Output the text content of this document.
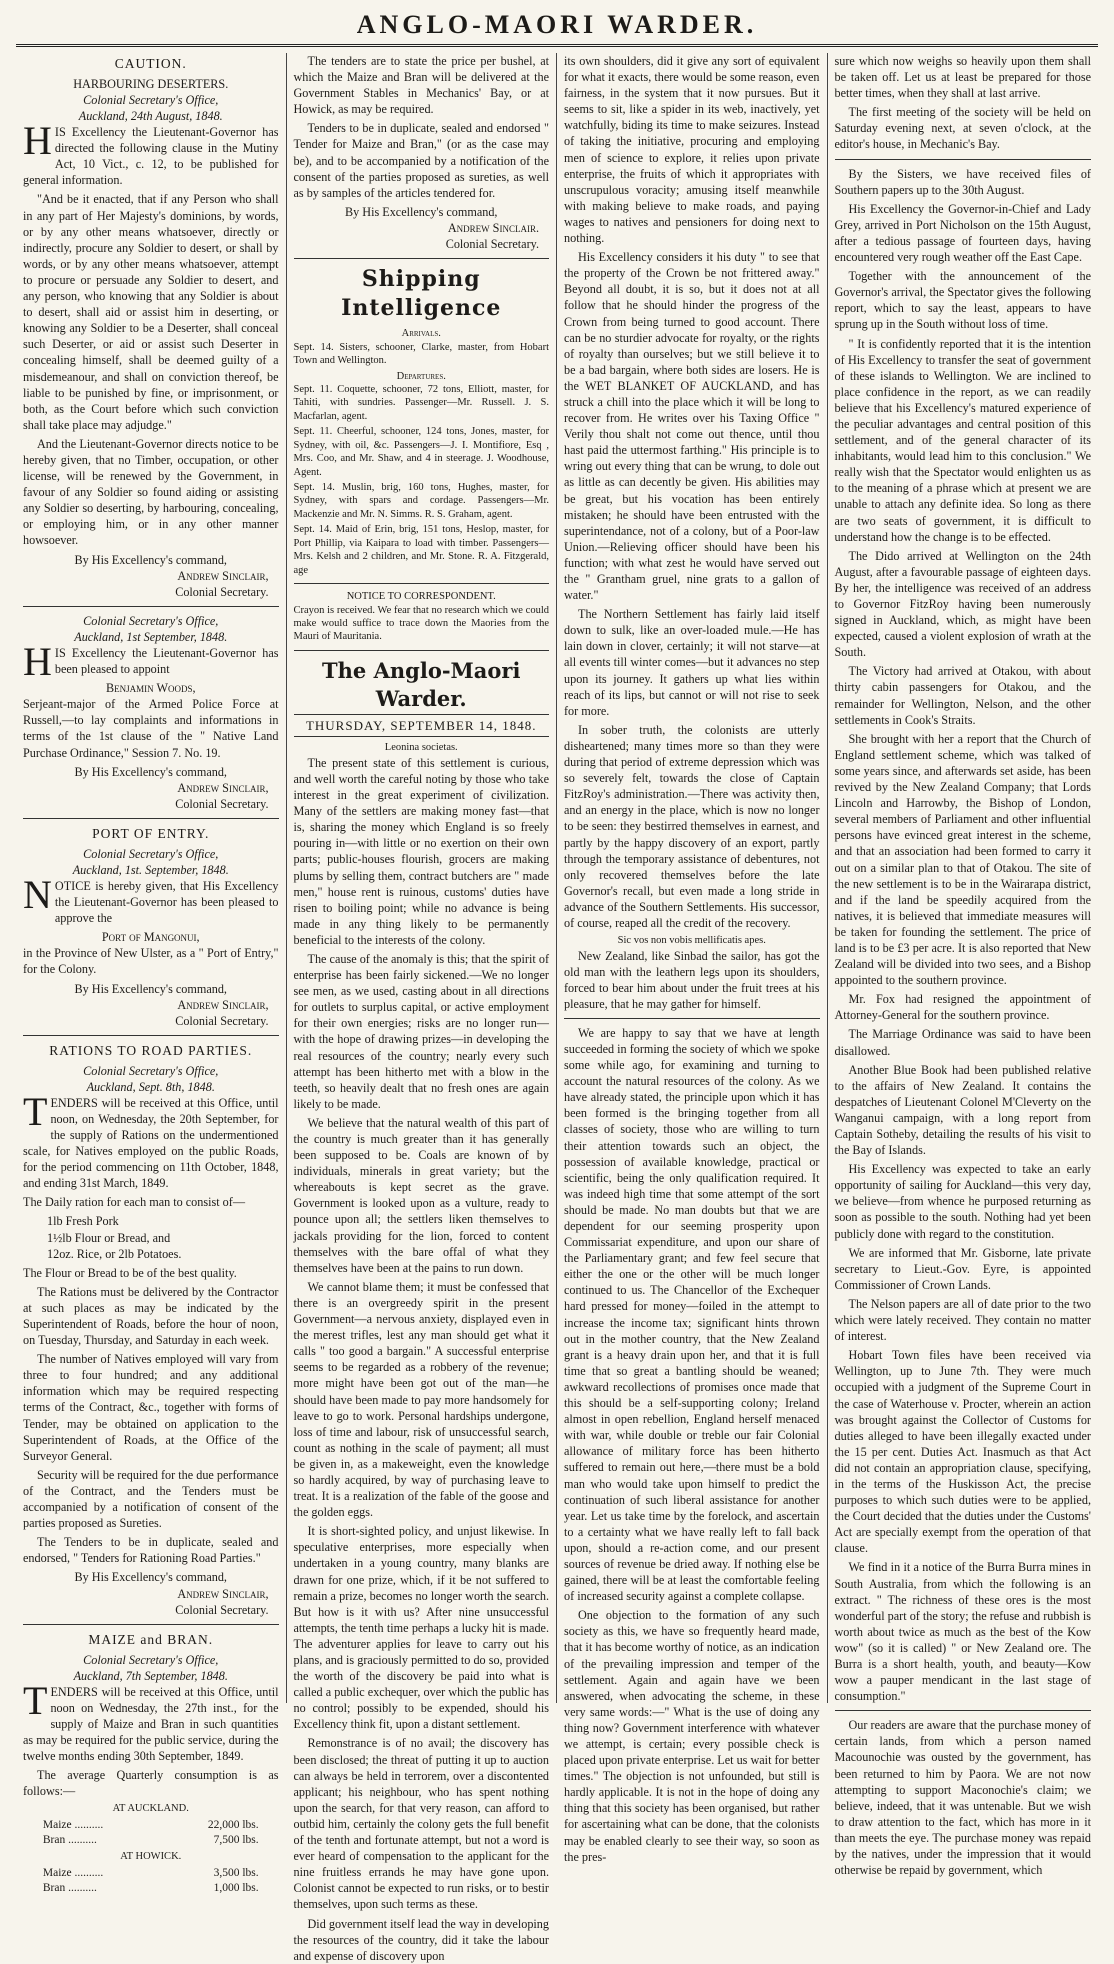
ANGLO-MAORI WARDER.
CAUTION.
HARBOURING DESERTERS.
Colonial Secretary's Office,
Auckland, 24th August, 1848.

HIS Excellency the Lieutenant-Governor has directed the following clause in the Mutiny Act, 10 Vict., c. 12, to be published for general information.

"And be it enacted, that if any Person who shall in any part of Her Majesty's dominions, by words, or by any other means whatsoever, directly or indirectly, procure any Soldier to desert, or shall by words, or by any other means whatsoever, attempt to procure or persuade any Soldier to desert, and any person, who knowing that any Soldier is about to desert, shall aid or assist him in deserting, or knowing any Soldier to be a Deserter, shall conceal such Deserter, or aid or assist such Deserter in concealing himself, shall be deemed guilty of a misdemeanour, and shall on conviction thereof, be liable to be punished by fine, or imprisonment, or both, as the Court before which such conviction shall take place may adjudge."

And the Lieutenant-Governor directs notice to be hereby given, that no Timber, occupation, or other license, will be renewed by the Government, in favour of any Soldier so found aiding or assisting any Soldier so deserting, by harbouring, concealing, or employing him, or in any other manner howsoever.

By His Excellency's command,
Andrew Sinclair,
Colonial Secretary.
Colonial Secretary's Office,
Auckland, 1st September, 1848.

HIS Excellency the Lieutenant-Governor has been pleased to appoint

Benjamin Woods,

Serjeant-major of the Armed Police Force at Russell,—to lay complaints and informations in terms of the 1st clause of the " Native Land Purchase Ordinance," Session 7. No. 19.

By His Excellency's command,
Andrew Sinclair,
Colonial Secretary.
PORT OF ENTRY.
Colonial Secretary's Office,
Auckland, 1st. September, 1848.

NOTICE is hereby given, that His Excellency the Lieutenant-Governor has been pleased to approve the

Port of Mangonui,

in the Province of New Ulster, as a " Port of Entry," for the Colony.

By His Excellency's command,
Andrew Sinclair,
Colonial Secretary.
RATIONS TO ROAD PARTIES.
Colonial Secretary's Office,
Auckland, Sept. 8th, 1848.

TENDERS will be received at this Office, until noon, on Wednesday, the 20th September, for the supply of Rations on the undermentioned scale, for Natives employed on the public Roads, for the period commencing on 11th October, 1848, and ending 31st March, 1849.

The Daily ration for each man to consist of—

1lb Fresh Pork
1½lb Flour or Bread, and
12oz. Rice, or 2lb Potatoes.

The Flour or Bread to be of the best quality.

The Rations must be delivered by the Contractor at such places as may be indicated by the Superintendent of Roads, before the hour of noon, on Tuesday, Thursday, and Saturday in each week.

The number of Natives employed will vary from three to four hundred; and any additional information which may be required respecting terms of the Contract, &c., together with forms of Tender, may be obtained on application to the Superintendent of Roads, at the Office of the Surveyor General.

Security will be required for the due performance of the Contract, and the Tenders must be accompanied by a notification of consent of the parties proposed as Sureties.

The Tenders to be in duplicate, sealed and endorsed, " Tenders for Rationing Road Parties."

By His Excellency's command,
Andrew Sinclair,
Colonial Secretary.
MAIZE and BRAN.
Colonial Secretary's Office,
Auckland, 7th September, 1848.

TENDERS will be received at this Office, until noon on Wednesday, the 27th inst., for the supply of Maize and Bran in such quantities as may be required for the public service, during the twelve months ending 30th September, 1849.

The average Quarterly consumption is as follows:—

AT AUCKLAND.
Maize ..........	22,000 lbs.
Bran ..........	7,500 lbs.
AT HOWICK.
Maize ..........	3,500 lbs.
Bran ..........	1,000 lbs.

The tenders are to state the price per bushel, at which the Maize and Bran will be delivered at the Government Stables in Mechanics' Bay, or at Howick, as may be required.

Tenders to be in duplicate, sealed and endorsed " Tender for Maize and Bran," (or as the case may be), and to be accompanied by a notification of the consent of the parties proposed as sureties, as well as by samples of the articles tendered for.

By His Excellency's command,
Andrew Sinclair.
Colonial Secretary.
Shipping Intelligence
Arrivals.

Sept. 14. Sisters, schooner, Clarke, master, from Hobart Town and Wellington.

Departures.

Sept. 11. Coquette, schooner, 72 tons, Elliott, master, for Tahiti, with sundries. Passenger—Mr. Russell. J. S. Macfarlan, agent.

Sept. 11. Cheerful, schooner, 124 tons, Jones, master, for Sydney, with oil, &c. Passengers—J. I. Montifiore, Esq , Mrs. Coo, and Mr. Shaw, and 4 in steerage. J. Woodhouse, Agent.

Sept. 14. Muslin, brig, 160 tons, Hughes, master, for Sydney, with spars and cordage. Passengers—Mr. Mackenzie and Mr. N. Simms. R. S. Graham, agent.

Sept. 14. Maid of Erin, brig, 151 tons, Heslop, master, for Port Phillip, via Kaipara to load with timber. Passengers—Mrs. Kelsh and 2 children, and Mr. Stone. R. A. Fitzgerald, age

NOTICE TO CORRESPONDENT.

Crayon is received. We fear that no research which we could make would suffice to trace down the Maories from the Mauri of Mauritania.

The Anglo-Maori Warder.
THURSDAY, SEPTEMBER 14, 1848.
Leonina societas.

The present state of this settlement is curious, and well worth the careful noting by those who take interest in the great experiment of civilization. Many of the settlers are making money fast—that is, sharing the money which England is so freely pouring in—with little or no exertion on their own parts; public-houses flourish, grocers are making plums by selling them, contract butchers are " made men," house rent is ruinous, customs' duties have risen to boiling point; while no advance is being made in any thing likely to be permanently beneficial to the interests of the colony.

The cause of the anomaly is this; that the spirit of enterprise has been fairly sickened.—We no longer see men, as we used, casting about in all directions for outlets to surplus capital, or active employment for their own energies; risks are no longer run—with the hope of drawing prizes—in developing the real resources of the country; nearly every such attempt has been hitherto met with a blow in the teeth, so heavily dealt that no fresh ones are again likely to be made.

We believe that the natural wealth of this part of the country is much greater than it has generally been supposed to be. Coals are known of by individuals, minerals in great variety; but the whereabouts is kept secret as the grave. Government is looked upon as a vulture, ready to pounce upon all; the settlers liken themselves to jackals providing for the lion, forced to content themselves with the bare offal of what they themselves have been at the pains to run down.

We cannot blame them; it must be confessed that there is an overgreedy spirit in the present Government—a nervous anxiety, displayed even in the merest trifles, lest any man should get what it calls " too good a bargain." A successful enterprise seems to be regarded as a robbery of the revenue; more might have been got out of the man—he should have been made to pay more handsomely for leave to go to work. Personal hardships undergone, loss of time and labour, risk of unsuccessful search, count as nothing in the scale of payment; all must be given in, as a makeweight, even the knowledge so hardly acquired, by way of purchasing leave to treat. It is a realization of the fable of the goose and the golden eggs.

It is short-sighted policy, and unjust likewise. In speculative enterprises, more especially when undertaken in a young country, many blanks are drawn for one prize, which, if it be not suffered to remain a prize, becomes no longer worth the search. But how is it with us? After nine unsuccessful attempts, the tenth time perhaps a lucky hit is made. The adventurer applies for leave to carry out his plans, and is graciously permitted to do so, provided the worth of the discovery be paid into what is called a public exchequer, over which the public has no control; possibly to be expended, should his Excellency think fit, upon a distant settlement.

Remonstrance is of no avail; the discovery has been disclosed; the threat of putting it up to auction can always be held in terrorem, over a discontented applicant; his neighbour, who has spent nothing upon the search, for that very reason, can afford to outbid him, certainly the colony gets the full benefit of the tenth and fortunate attempt, but not a word is ever heard of compensation to the applicant for the nine fruitless errands he may have gone upon. Colonist cannot be expected to run risks, or to bestir themselves, upon such terms as these.

Did government itself lead the way in developing the resources of the country, did it take the labour and expense of discovery upon

its own shoulders, did it give any sort of equivalent for what it exacts, there would be some reason, even fairness, in the system that it now pursues. But it seems to sit, like a spider in its web, inactively, yet watchfully, biding its time to make seizures. Instead of taking the initiative, procuring and employing men of science to explore, it relies upon private enterprise, the fruits of which it appropriates with unscrupulous voracity; amusing itself meanwhile with making believe to make roads, and paying wages to natives and pensioners for doing next to nothing.

His Excellency considers it his duty " to see that the property of the Crown be not frittered away." Beyond all doubt, it is so, but it does not at all follow that he should hinder the progress of the Crown from being turned to good account. There can be no sturdier advocate for royalty, or the rights of royalty than ourselves; but we still believe it to be a bad bargain, where both sides are losers. He is the WET BLANKET OF AUCKLAND, and has struck a chill into the place which it will be long to recover from. He writes over his Taxing Office " Verily thou shalt not come out thence, until thou hast paid the uttermost farthing." His principle is to wring out every thing that can be wrung, to dole out as little as can decently be given. His abilities may be great, but his vocation has been entirely mistaken; he should have been entrusted with the superintendance, not of a colony, but of a Poor-law Union.—Relieving officer should have been his function; with what zest he would have served out the " Grantham gruel, nine grats to a gallon of water."

The Northern Settlement has fairly laid itself down to sulk, like an over-loaded mule.—He has lain down in clover, certainly; it will not starve—at all events till winter comes—but it advances no step upon its journey. It gathers up what lies within reach of its lips, but cannot or will not rise to seek for more.

In sober truth, the colonists are utterly disheartened; many times more so than they were during that period of extreme depression which was so severely felt, towards the close of Captain FitzRoy's administration.—There was activity then, and an energy in the place, which is now no longer to be seen: they bestirred themselves in earnest, and partly by the happy discovery of an export, partly through the temporary assistance of debentures, not only recovered themselves before the late Governor's recall, but even made a long stride in advance of the Southern Settlements. His successor, of course, reaped all the credit of the recovery.

Sic vos non vobis mellificatis apes.

New Zealand, like Sinbad the sailor, has got the old man with the leathern legs upon its shoulders, forced to bear him about under the fruit trees at his pleasure, that he may gather for himself.

We are happy to say that we have at length succeeded in forming the society of which we spoke some while ago, for examining and turning to account the natural resources of the colony. As we have already stated, the principle upon which it has been formed is the bringing together from all classes of society, those who are willing to turn their attention towards such an object, the possession of available knowledge, practical or scientific, being the only qualification required. It was indeed high time that some attempt of the sort should be made. No man doubts but that we are dependent for our seeming prosperity upon Commissariat expenditure, and upon our share of the Parliamentary grant; and few feel secure that either the one or the other will be much longer continued to us. The Chancellor of the Exchequer hard pressed for money—foiled in the attempt to increase the income tax; significant hints thrown out in the mother country, that the New Zealand grant is a heavy drain upon her, and that it is full time that so great a bantling should be weaned; awkward recollections of promises once made that this should be a self-supporting colony; Ireland almost in open rebellion, England herself menaced with war, while double or treble our fair Colonial allowance of military force has been hitherto suffered to remain out here,—there must be a bold man who would take upon himself to predict the continuation of such liberal assistance for another year. Let us take time by the forelock, and ascertain to a certainty what we have really left to fall back upon, should a re-action come, and our present sources of revenue be dried away. If nothing else be gained, there will be at least the comfortable feeling of increased security against a complete collapse.

One objection to the formation of any such society as this, we have so frequently heard made, that it has become worthy of notice, as an indication of the prevailing impression and temper of the settlement. Again and again have we been answered, when advocating the scheme, in these very same words:—" What is the use of doing any thing now? Government interference with whatever we attempt, is certain; every possible check is placed upon private enterprise. Let us wait for better times." The objection is not unfounded, but still is hardly applicable. It is not in the hope of doing any thing that this society has been organised, but rather for ascertaining what can be done, that the colonists may be enabled clearly to see their way, so soon as the pres-

sure which now weighs so heavily upon them shall be taken off. Let us at least be prepared for those better times, when they shall at last arrive.

The first meeting of the society will be held on Saturday evening next, at seven o'clock, at the editor's house, in Mechanic's Bay.

By the Sisters, we have received files of Southern papers up to the 30th August.

His Excellency the Governor-in-Chief and Lady Grey, arrived in Port Nicholson on the 15th August, after a tedious passage of fourteen days, having encountered very rough weather off the East Cape.

Together with the announcement of the Governor's arrival, the Spectator gives the following report, which to say the least, appears to have sprung up in the South without loss of time.

" It is confidently reported that it is the intention of His Excellency to transfer the seat of government of these islands to Wellington. We are inclined to place confidence in the report, as we can readily believe that his Excellency's matured experience of the peculiar advantages and central position of this settlement, and of the general character of its inhabitants, would lead him to this conclusion." We really wish that the Spectator would enlighten us as to the meaning of a phrase which at present we are unable to attach any definite idea. So long as there are two seats of government, it is difficult to understand how the change is to be effected.

The Dido arrived at Wellington on the 24th August, after a favourable passage of eighteen days. By her, the intelligence was received of an address to Governor FitzRoy having been numerously signed in Auckland, which, as might have been expected, caused a violent explosion of wrath at the South.

The Victory had arrived at Otakou, with about thirty cabin passengers for Otakou, and the remainder for Wellington, Nelson, and the other settlements in Cook's Straits.

She brought with her a report that the Church of England settlement scheme, which was talked of some years since, and afterwards set aside, has been revived by the New Zealand Company; that Lords Lincoln and Harrowby, the Bishop of London, several members of Parliament and other influential persons have evinced great interest in the scheme, and that an association had been formed to carry it out on a similar plan to that of Otakou. The site of the new settlement is to be in the Wairarapa district, and if the land be speedily acquired from the natives, it is believed that immediate measures will be taken for founding the settlement. The price of land is to be £3 per acre. It is also reported that New Zealand will be divided into two sees, and a Bishop appointed to the southern province.

Mr. Fox had resigned the appointment of Attorney-General for the southern province.

The Marriage Ordinance was said to have been disallowed.

Another Blue Book had been published relative to the affairs of New Zealand. It contains the despatches of Lieutenant Colonel M'Cleverty on the Wanganui campaign, with a long report from Captain Sotheby, detailing the results of his visit to the Bay of Islands.

His Excellency was expected to take an early opportunity of sailing for Auckland—this very day, we believe—from whence he purposed returning as soon as possible to the south. Nothing had yet been publicly done with regard to the constitution.

We are informed that Mr. Gisborne, late private secretary to Lieut.-Gov. Eyre, is appointed Commissioner of Crown Lands.

The Nelson papers are all of date prior to the two which were lately received. They contain no matter of interest.

Hobart Town files have been received via Wellington, up to June 7th. They were much occupied with a judgment of the Supreme Court in the case of Waterhouse v. Procter, wherein an action was brought against the Collector of Customs for duties alleged to have been illegally exacted under the 15 per cent. Duties Act. Inasmuch as that Act did not contain an appropriation clause, specifying, in the terms of the Huskisson Act, the precise purposes to which such duties were to be applied, the Court decided that the duties under the Customs' Act are specially exempt from the operation of that clause.

We find in it a notice of the Burra Burra mines in South Australia, from which the following is an extract. " The richness of these ores is the most wonderful part of the story; the refuse and rubbish is worth about twice as much as the best of the Kow wow" (so it is called) " or New Zealand ore. The Burra is a short health, youth, and beauty—Kow wow a pauper mendicant in the last stage of consumption."

Our readers are aware that the purchase money of certain lands, from which a person named Macounochie was ousted by the government, has been returned to him by Paora. We are not now attempting to support Maconochie's claim; we believe, indeed, that it was untenable. But we wish to draw attention to the fact, which has more in it than meets the eye. The purchase money was repaid by the natives, under the impression that it would otherwise be repaid by government, which
